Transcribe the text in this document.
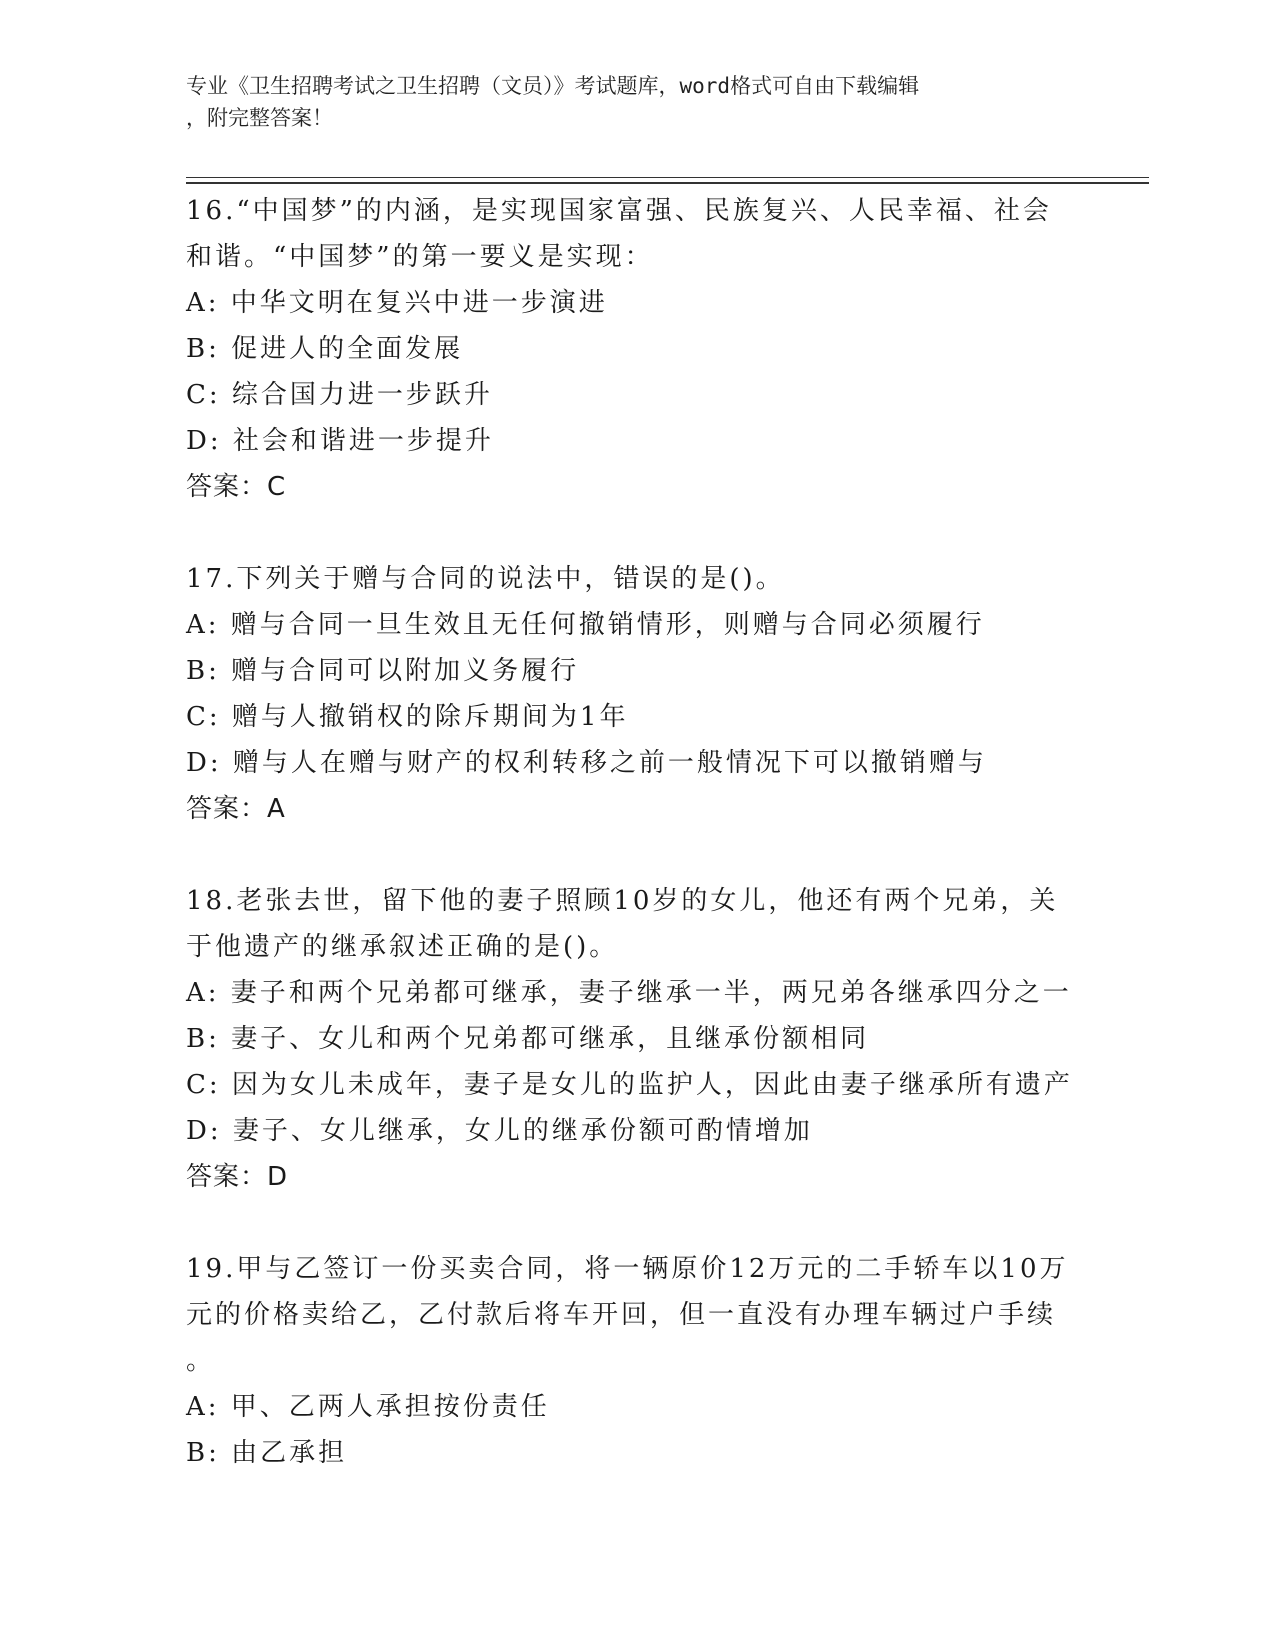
专业《卫生招聘考试之卫生招聘（文员）》考试题库，word格式可自由下载编辑
，附完整答案！
16.“中国梦”的内涵，是实现国家富强、民族复兴、人民幸福、社会
和谐。“中国梦”的第一要义是实现：
A: 中华文明在复兴中进一步演进
B: 促进人的全面发展
C: 综合国力进一步跃升
D: 社会和谐进一步提升
答案：C
17.下列关于赠与合同的说法中，错误的是()。
A: 赠与合同一旦生效且无任何撤销情形，则赠与合同必须履行
B: 赠与合同可以附加义务履行
C: 赠与人撤销权的除斥期间为1年
D: 赠与人在赠与财产的权利转移之前一般情况下可以撤销赠与
答案：A
18.老张去世，留下他的妻子照顾10岁的女儿，他还有两个兄弟，关
于他遗产的继承叙述正确的是()。
A: 妻子和两个兄弟都可继承，妻子继承一半，两兄弟各继承四分之一
B: 妻子、女儿和两个兄弟都可继承，且继承份额相同
C: 因为女儿未成年，妻子是女儿的监护人，因此由妻子继承所有遗产
D: 妻子、女儿继承，女儿的继承份额可酌情增加
答案：D
19.甲与乙签订一份买卖合同，将一辆原价12万元的二手轿车以10万
元的价格卖给乙，乙付款后将车开回，但一直没有办理车辆过户手续
。
A: 甲、乙两人承担按份责任
B: 由乙承担
